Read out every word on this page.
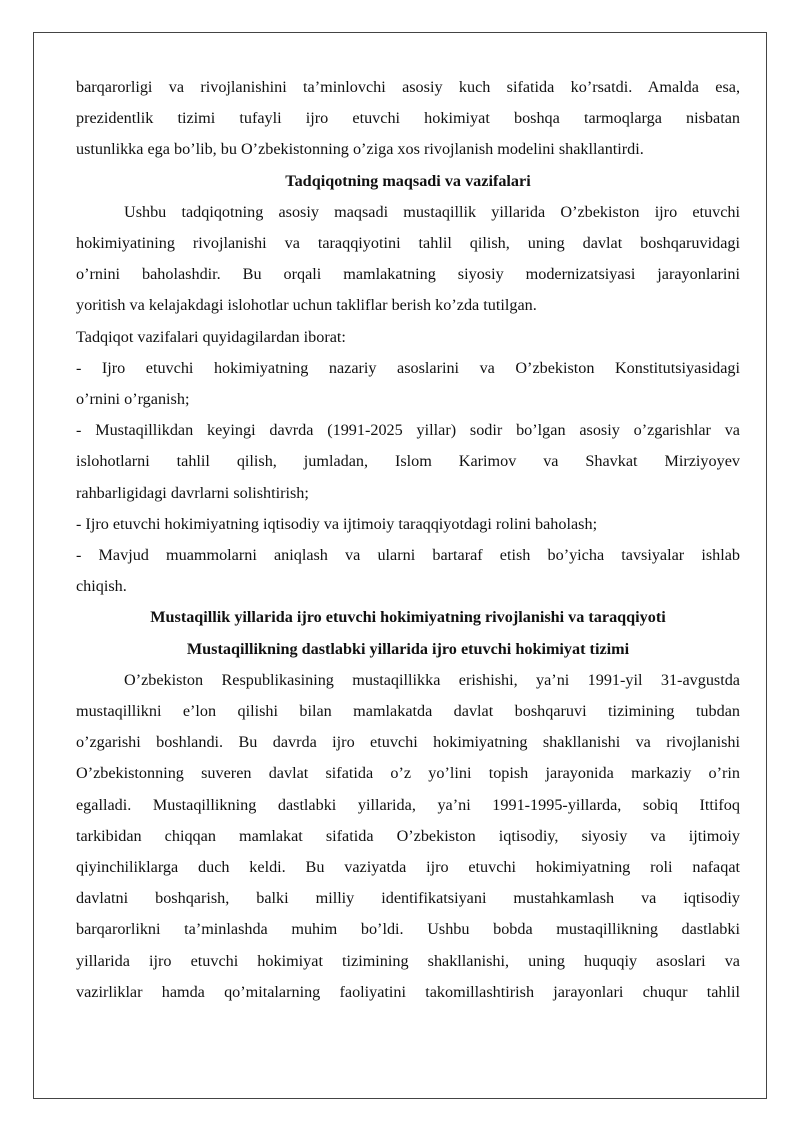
barqarorligi va rivojlanishini ta’minlovchi asosiy kuch sifatida ko’rsatdi. Amalda esa,
prezidentlik tizimi tufayli ijro etuvchi hokimiyat boshqa tarmoqlarga nisbatan
ustunlikka ega bo’lib, bu O’zbekistonning o’ziga xos rivojlanish modelini shakllantirdi.

Tadqiqotning maqsadi va vazifalari

Ushbu tadqiqotning asosiy maqsadi mustaqillik yillarida O’zbekiston ijro etuvchi
hokimiyatining rivojlanishi va taraqqiyotini tahlil qilish, uning davlat boshqaruvidagi
o’rnini baholashdir. Bu orqali mamlakatning siyosiy modernizatsiyasi jarayonlarini
yoritish va kelajakdagi islohotlar uchun takliflar berish ko’zda tutilgan.

Tadqiqot vazifalari quyidagilardan iborat:

- Ijro etuvchi hokimiyatning nazariy asoslarini va O’zbekiston Konstitutsiyasidagi
o’rnini o’rganish;

- Mustaqillikdan keyingi davrda (1991-2025 yillar) sodir bo’lgan asosiy o’zgarishlar va
islohotlarni tahlil qilish, jumladan, Islom Karimov va Shavkat Mirziyoyev
rahbarligidagi davrlarni solishtirish;

- Ijro etuvchi hokimiyatning iqtisodiy va ijtimoiy taraqqiyotdagi rolini baholash;

- Mavjud muammolarni aniqlash va ularni bartaraf etish bo’yicha tavsiyalar ishlab
chiqish.

Mustaqillik yillarida ijro etuvchi hokimiyatning rivojlanishi va taraqqiyoti
Mustaqillikning dastlabki yillarida ijro etuvchi hokimiyat tizimi

O’zbekiston Respublikasining mustaqillikka erishishi, ya’ni 1991-yil 31-avgustda
mustaqillikni e’lon qilishi bilan mamlakatda davlat boshqaruvi tizimining tubdan
o’zgarishi boshlandi. Bu davrda ijro etuvchi hokimiyatning shakllanishi va rivojlanishi
O’zbekistonning suveren davlat sifatida o’z yo’lini topish jarayonida markaziy o’rin
egalladi. Mustaqillikning dastlabki yillarida, ya’ni 1991-1995-yillarda, sobiq Ittifoq
tarkibidan chiqqan mamlakat sifatida O’zbekiston iqtisodiy, siyosiy va ijtimoiy
qiyinchiliklarga duch keldi. Bu vaziyatda ijro etuvchi hokimiyatning roli nafaqat
davlatni boshqarish, balki milliy identifikatsiyani mustahkamlash va iqtisodiy
barqarorlikni ta’minlashda muhim bo’ldi. Ushbu bobda mustaqillikning dastlabki
yillarida ijro etuvchi hokimiyat tizimining shakllanishi, uning huquqiy asoslari va
vazirliklar hamda qo’mitalarning faoliyatini takomillashtirish jarayonlari chuqur tahlil
